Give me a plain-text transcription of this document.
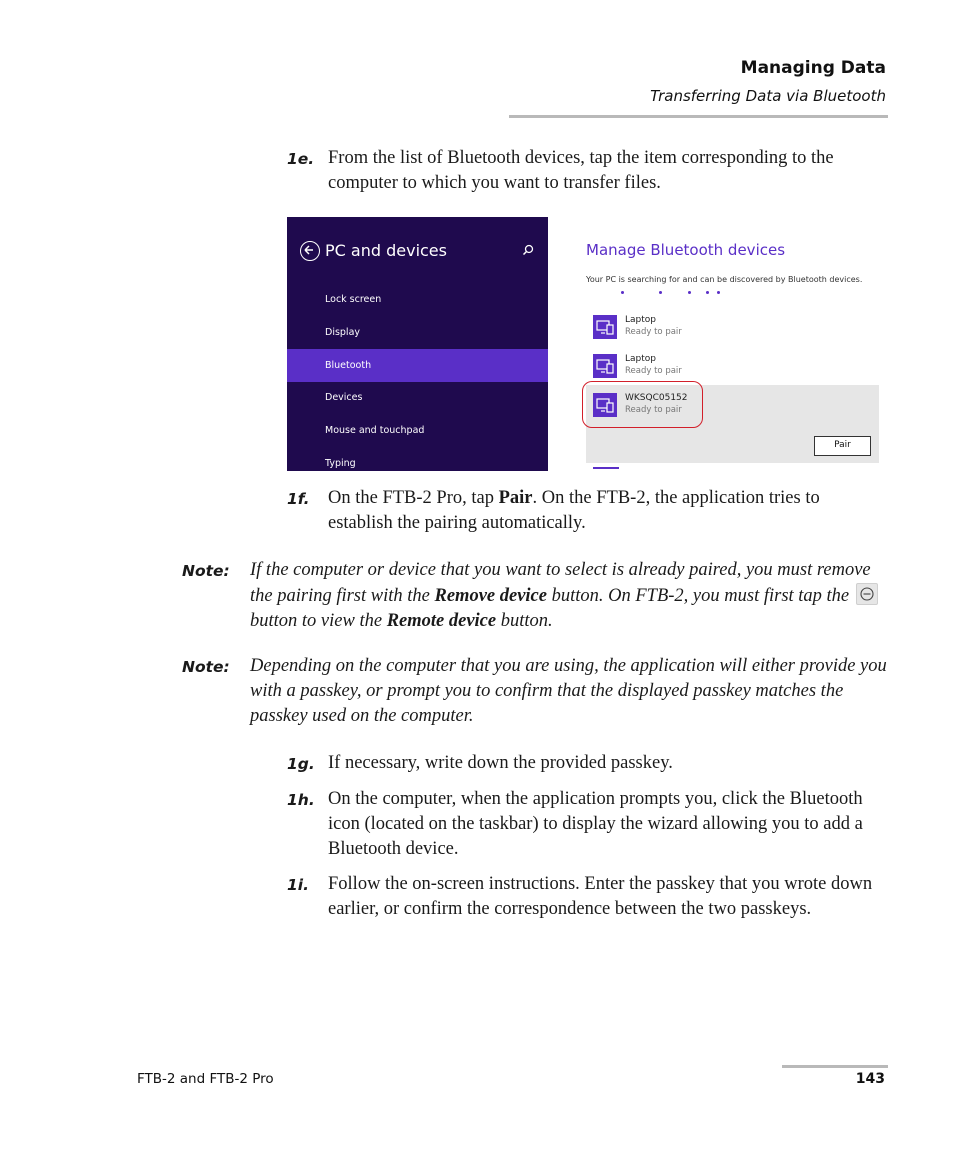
Managing Data
Transferring Data via Bluetooth
1e. From the list of Bluetooth devices, tap the item corresponding to the computer to which you want to transfer files.
PC and devices
Lock screen
Display
Bluetooth
Devices
Mouse and touchpad
Typing
Manage Bluetooth devices
Your PC is searching for and can be discovered by Bluetooth devices.
Laptop
Ready to pair
Laptop
Ready to pair
WKSQC05152
Ready to pair
Pair
1f. On the FTB-2 Pro, tap Pair. On the FTB-2, the application tries to establish the pairing automatically.
Note: If the computer or device that you want to select is already paired, you must remove the pairing first with the Remove device button. On FTB-2, you must first tap the
button to view the Remote device button.
Note: Depending on the computer that you are using, the application will either provide you with a passkey, or prompt you to confirm that the displayed passkey matches the passkey used on the computer.
1g. If necessary, write down the provided passkey.
1h. On the computer, when the application prompts you, click the Bluetooth icon (located on the taskbar) to display the wizard allowing you to add a Bluetooth device.
1i.	Follow the on-screen instructions. Enter the passkey that you wrote down earlier, or confirm the correspondence between the two passkeys.
FTB-2 and FTB-2 Pro	143
